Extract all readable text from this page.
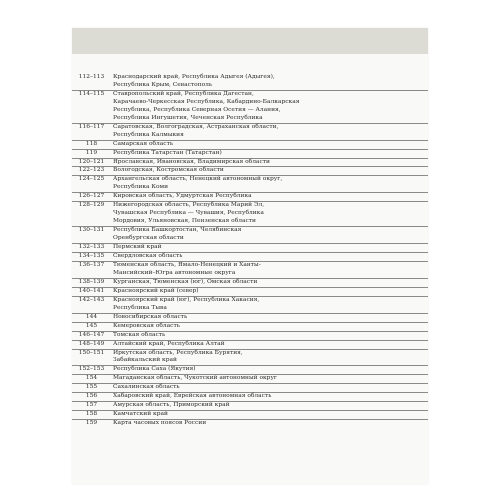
112–113	Краснодарский край, Республика Адыгея (Адыгея),
Республика Крым, Севастополь
114–115	Ставропольский край, Республика Дагестан,
Карачаево-Черкесская Республика, Кабардино-Балкарская
Республика, Республика Северная Осетия — Алания,
Республика Ингушетия, Чеченская Республика
116–117	Саратовская, Волгоградская, Астраханская области,
Республика Калмыкия
118	Самарская область
119	Республика Татарстан (Татарстан)
120–121	Ярославская, Ивановская, Владимирская области
122–123	Вологодская, Костромская области
124–125	Архангельская область, Ненецкий автономный округ,
Республика Коми
126–127	Кировская область, Удмуртская Республика
128–129	Нижегородская область, Республика Марий Эл,
Чувашская Республика — Чувашия, Республика
Мордовия, Ульяновская, Пензенская области
130–131	Республика Башкортостан, Челябинская
Оренбургская области
132–133	Пермский край
134–135	Свердловская область
136–137	Тюменская область, Ямало-Ненецкий и Ханты-
Мансийский–Югра автономные округа
138–139	Курганская, Тюменская (юг), Омская области
140–141	Красноярский край (север)
142–143	Красноярский край (юг), Республика Хакасия,
Республика Тыва
144	Новосибирская область
145	Кемеровская область
146–147	Томская область
148–149	Алтайский край, Республика Алтай
150–151	Иркутская область, Республика Бурятия,
Забайкальский край
152–153	Республика Саха (Якутия)
154	Магаданская область, Чукотский автономный округ
155	Сахалинская область
156	Хабаровский край, Еврейская автономная область
157	Амурская область, Приморский край
158	Камчатский край
159	Карта часовых поясов России
